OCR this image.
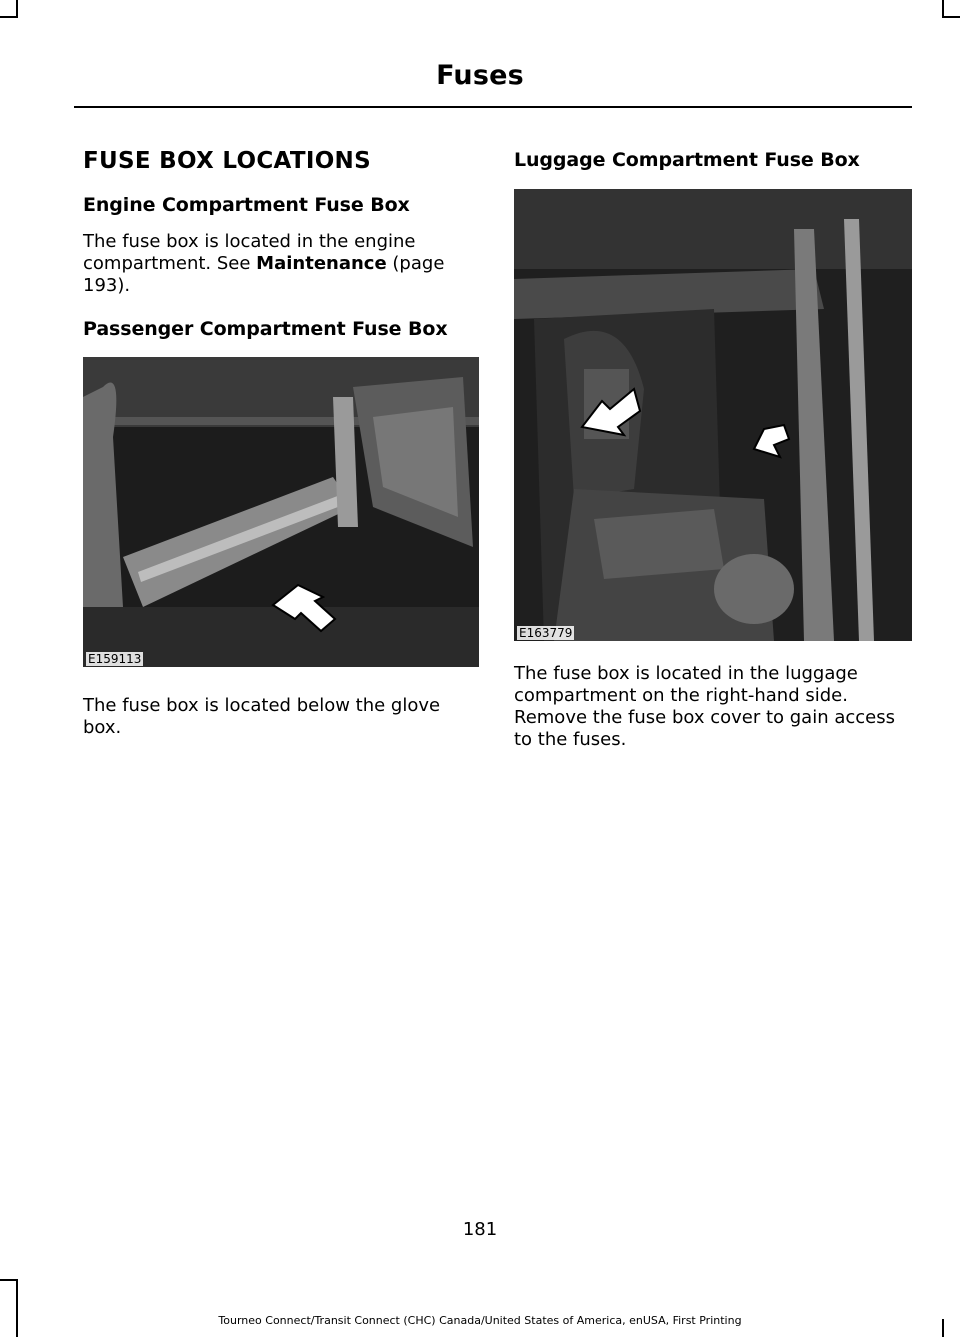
Fuses
FUSE BOX LOCATIONS
Engine Compartment Fuse Box

The fuse box is located in the engine compartment. See Maintenance (page 193).

Passenger Compartment Fuse Box
E159113

The fuse box is located below the glove box.

Luggage Compartment Fuse Box
E163779

The fuse box is located in the luggage compartment on the right-hand side. Remove the fuse box cover to gain access to the fuses.

181
Tourneo Connect/Transit Connect (CHC) Canada/United States of America, enUSA, First Printing
